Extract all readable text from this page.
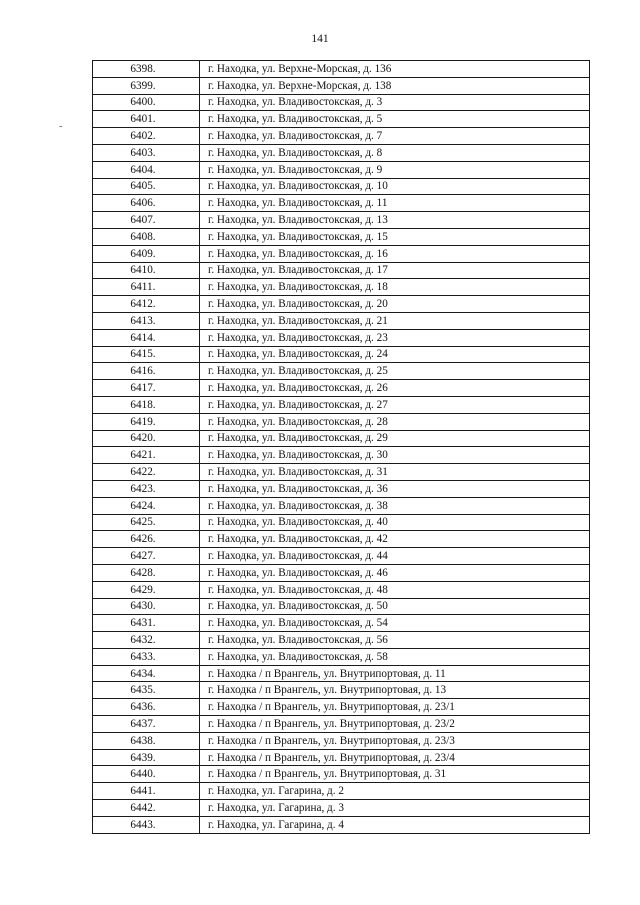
141
-
6398.	г. Находка, ул. Верхне-Морская, д. 136
6399.	г. Находка, ул. Верхне-Морская, д. 138
6400.	г. Находка, ул. Владивостокская, д. 3
6401.	г. Находка, ул. Владивостокская, д. 5
6402.	г. Находка, ул. Владивостокская, д. 7
6403.	г. Находка, ул. Владивостокская, д. 8
6404.	г. Находка, ул. Владивостокская, д. 9
6405.	г. Находка, ул. Владивостокская, д. 10
6406.	г. Находка, ул. Владивостокская, д. 11
6407.	г. Находка, ул. Владивостокская, д. 13
6408.	г. Находка, ул. Владивостокская, д. 15
6409.	г. Находка, ул. Владивостокская, д. 16
6410.	г. Находка, ул. Владивостокская, д. 17
6411.	г. Находка, ул. Владивостокская, д. 18
6412.	г. Находка, ул. Владивостокская, д. 20
6413.	г. Находка, ул. Владивостокская, д. 21
6414.	г. Находка, ул. Владивостокская, д. 23
6415.	г. Находка, ул. Владивостокская, д. 24
6416.	г. Находка, ул. Владивостокская, д. 25
6417.	г. Находка, ул. Владивостокская, д. 26
6418.	г. Находка, ул. Владивостокская, д. 27
6419.	г. Находка, ул. Владивостокская, д. 28
6420.	г. Находка, ул. Владивостокская, д. 29
6421.	г. Находка, ул. Владивостокская, д. 30
6422.	г. Находка, ул. Владивостокская, д. 31
6423.	г. Находка, ул. Владивостокская, д. 36
6424.	г. Находка, ул. Владивостокская, д. 38
6425.	г. Находка, ул. Владивостокская, д. 40
6426.	г. Находка, ул. Владивостокская, д. 42
6427.	г. Находка, ул. Владивостокская, д. 44
6428.	г. Находка, ул. Владивостокская, д. 46
6429.	г. Находка, ул. Владивостокская, д. 48
6430.	г. Находка, ул. Владивостокская, д. 50
6431.	г. Находка, ул. Владивостокская, д. 54
6432.	г. Находка, ул. Владивостокская, д. 56
6433.	г. Находка, ул. Владивостокская, д. 58
6434.	г. Находка / п Врангель, ул. Внутрипортовая, д. 11
6435.	г. Находка / п Врангель, ул. Внутрипортовая, д. 13
6436.	г. Находка / п Врангель, ул. Внутрипортовая, д. 23/1
6437.	г. Находка / п Врангель, ул. Внутрипортовая, д. 23/2
6438.	г. Находка / п Врангель, ул. Внутрипортовая, д. 23/3
6439.	г. Находка / п Врангель, ул. Внутрипортовая, д. 23/4
6440.	г. Находка / п Врангель, ул. Внутрипортовая, д. 31
6441.	г. Находка, ул. Гагарина, д. 2
6442.	г. Находка, ул. Гагарина, д. 3
6443.	г. Находка, ул. Гагарина, д. 4
